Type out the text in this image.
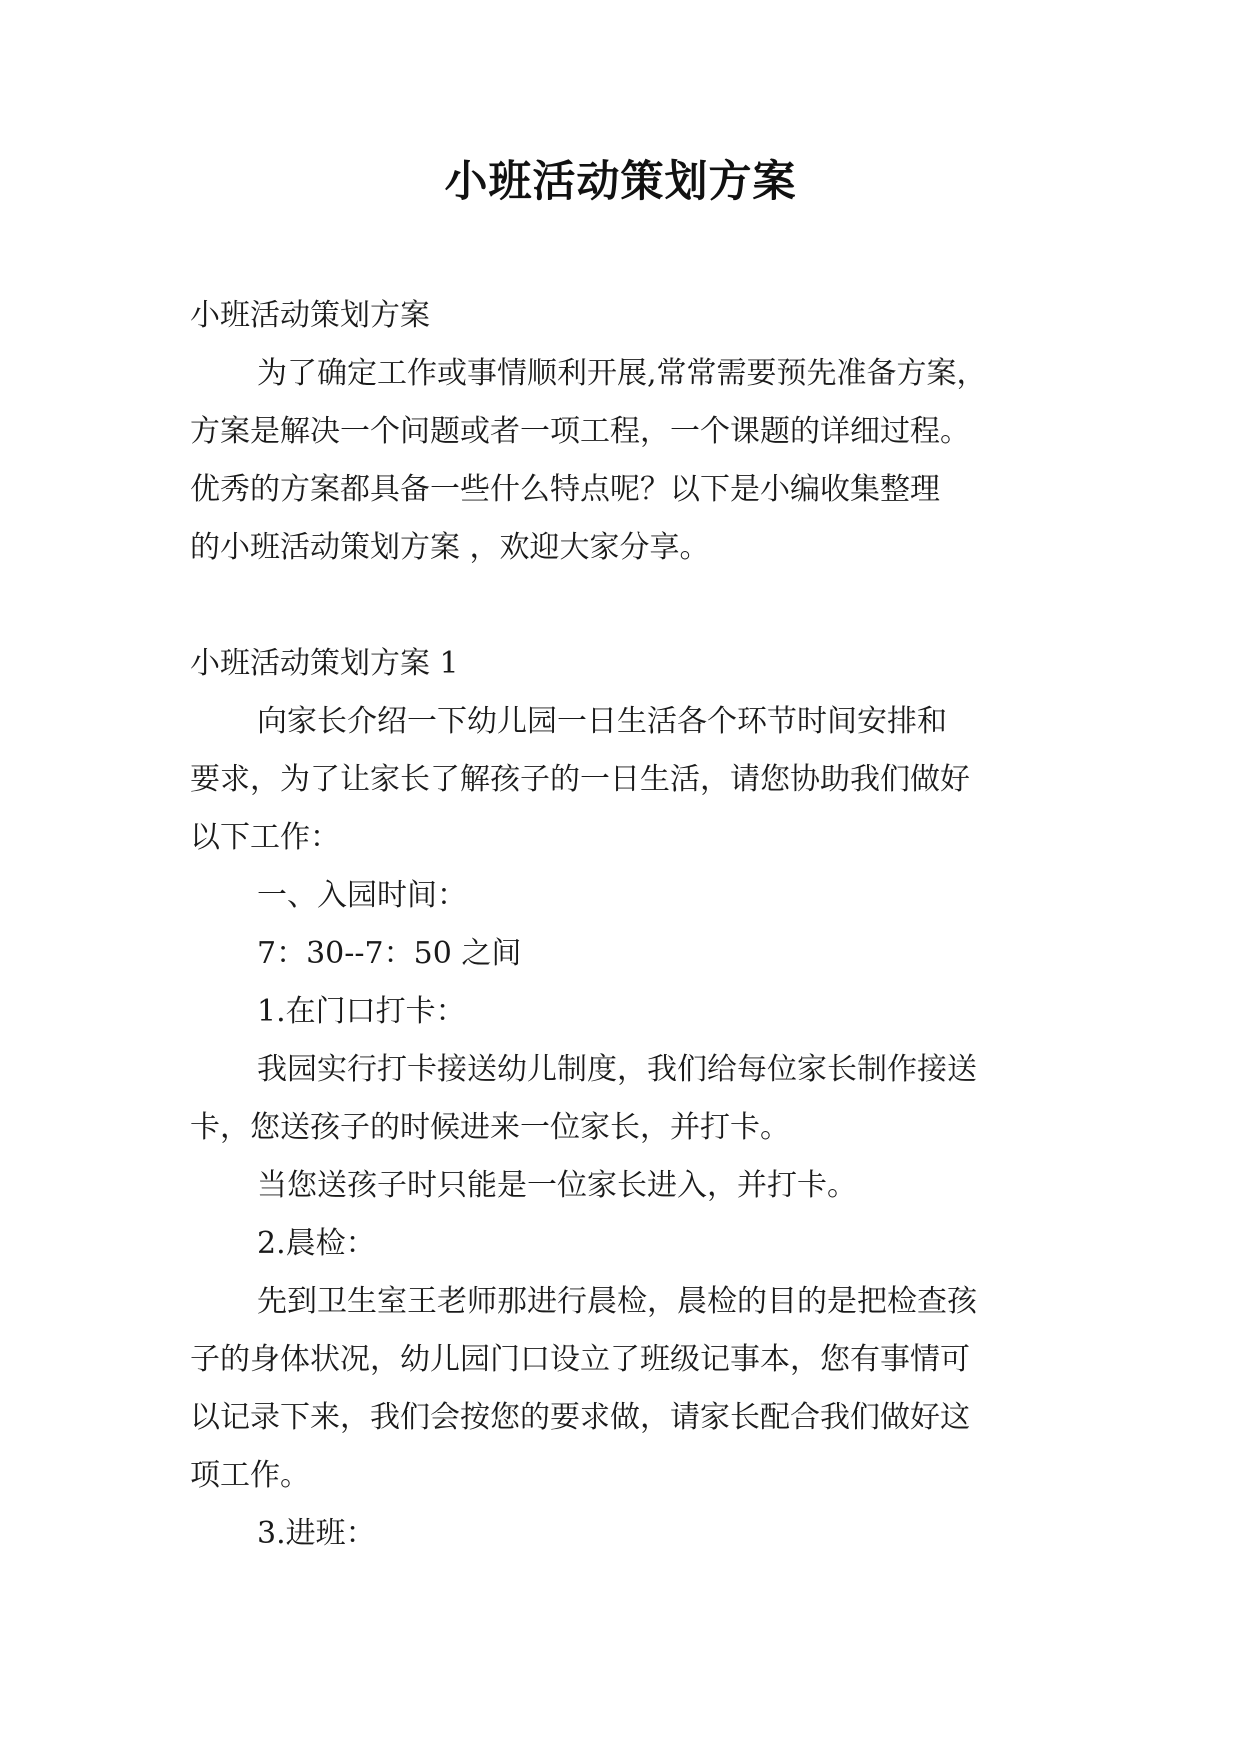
小班活动策划方案
小班活动策划方案
为了确定工作或事情顺利开展,常常需要预先准备方案，
方案是解决一个问题或者一项工程，一个课题的详细过程。
优秀的方案都具备一些什么特点呢？以下是小编收集整理
的小班活动策划方案 ，欢迎大家分享。
小班活动策划方案 1
向家长介绍一下幼儿园一日生活各个环节时间安排和
要求，为了让家长了解孩子的一日生活，请您协助我们做好
以下工作：
一、入园时间：
7：30--7：50 之间
1.在门口打卡：
我园实行打卡接送幼儿制度，我们给每位家长制作接送
卡，您送孩子的时候进来一位家长，并打卡。
当您送孩子时只能是一位家长进入，并打卡。
2.晨检：
先到卫生室王老师那进行晨检，晨检的目的是把检查孩
子的身体状况，幼儿园门口设立了班级记事本，您有事情可
以记录下来，我们会按您的要求做，请家长配合我们做好这
项工作。
3.进班：
